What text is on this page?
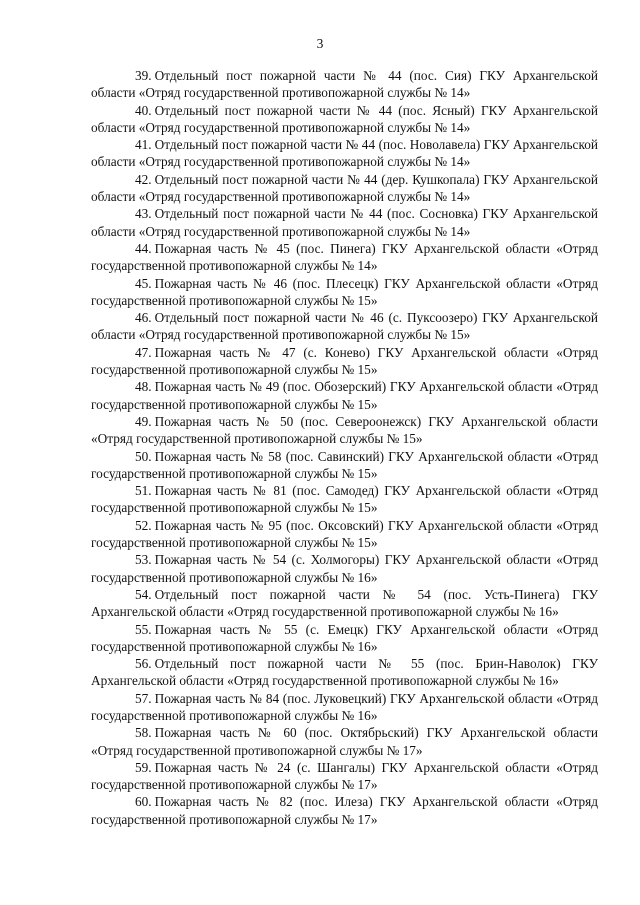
3

39. Отдельный пост пожарной части № 44 (пос. Сия) ГКУ Архангельской области «Отряд государственной противопожарной службы № 14»

40. Отдельный пост пожарной части № 44 (пос. Ясный) ГКУ Архангельской области «Отряд государственной противопожарной службы № 14»

41. Отдельный пост пожарной части № 44 (пос. Новолавела) ГКУ Архангельской области «Отряд государственной противопожарной службы № 14»

42. Отдельный пост пожарной части № 44 (дер. Кушкопала) ГКУ Архангельской области «Отряд государственной противопожарной службы № 14»

43. Отдельный пост пожарной части № 44 (пос. Сосновка) ГКУ Архангельской области «Отряд государственной противопожарной службы № 14»

44. Пожарная часть № 45 (пос. Пинега) ГКУ Архангельской области «Отряд государственной противопожарной службы № 14»

45. Пожарная часть № 46 (пос. Плесецк) ГКУ Архангельской области «Отряд государственной противопожарной службы № 15»

46. Отдельный пост пожарной части № 46 (с. Пуксоозеро) ГКУ Архангельской области «Отряд государственной противопожарной службы № 15»

47. Пожарная часть № 47 (с. Конево) ГКУ Архангельской области «Отряд государственной противопожарной службы № 15»

48. Пожарная часть № 49 (пос. Обозерский) ГКУ Архангельской области «Отряд государственной противопожарной службы № 15»

49. Пожарная часть № 50 (пос. Североонежск) ГКУ Архангельской области «Отряд государственной противопожарной службы № 15»

50. Пожарная часть № 58 (пос. Савинский) ГКУ Архангельской области «Отряд государственной противопожарной службы № 15»

51. Пожарная часть № 81 (пос. Самодед) ГКУ Архангельской области «Отряд государственной противопожарной службы № 15»

52. Пожарная часть № 95 (пос. Оксовский) ГКУ Архангельской области «Отряд государственной противопожарной службы № 15»

53. Пожарная часть № 54 (с. Холмогоры) ГКУ Архангельской области «Отряд государственной противопожарной службы № 16»

54. Отдельный пост пожарной части № 54 (пос. Усть-Пинега) ГКУ Архангельской области «Отряд государственной противопожарной службы № 16»

55. Пожарная часть № 55 (с. Емецк) ГКУ Архангельской области «Отряд государственной противопожарной службы № 16»

56. Отдельный пост пожарной части № 55 (пос. Брин-Наволок) ГКУ Архангельской области «Отряд государственной противопожарной службы № 16»

57. Пожарная часть № 84 (пос. Луковецкий) ГКУ Архангельской области «Отряд государственной противопожарной службы № 16»

58. Пожарная часть № 60 (пос. Октябрьский) ГКУ Архангельской области «Отряд государственной противопожарной службы № 17»

59. Пожарная часть № 24 (с. Шангалы) ГКУ Архангельской области «Отряд государственной противопожарной службы № 17»

60. Пожарная часть № 82 (пос. Илеза) ГКУ Архангельской области «Отряд государственной противопожарной службы № 17»
